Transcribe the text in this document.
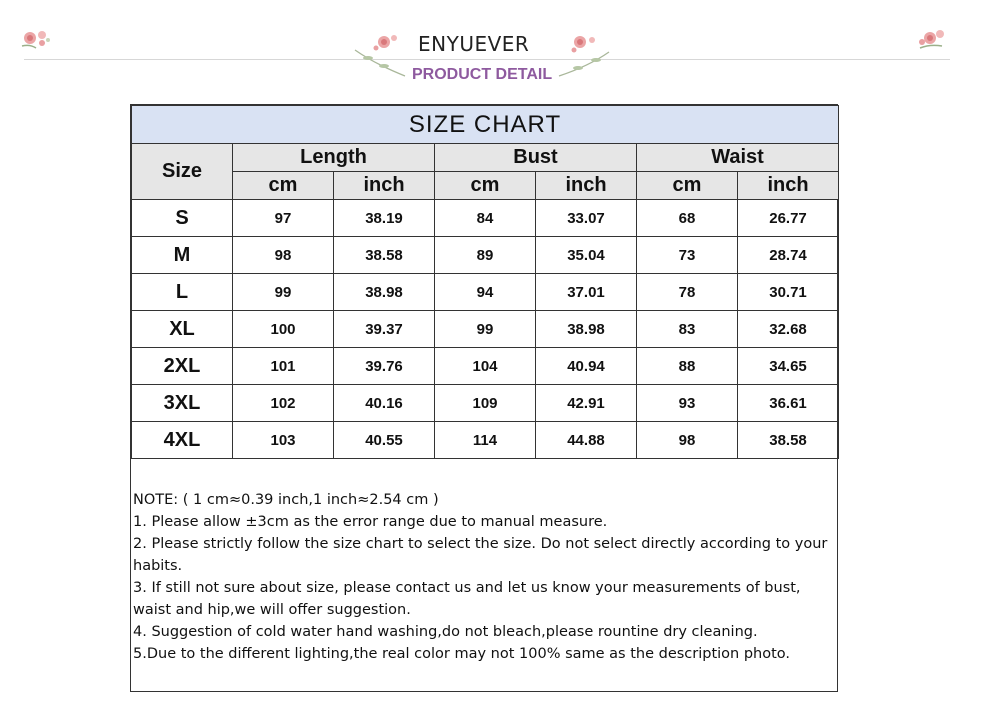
ENYUEVER
PRODUCT DETAIL
SIZE CHART						
Size	Length		Bust		Waist	
	cm	inch	cm	inch	cm	inch
S	97	38.19	84	33.07	68	26.77
M	98	38.58	89	35.04	73	28.74
L	99	38.98	94	37.01	78	30.71
XL	100	39.37	99	38.98	83	32.68
2XL	101	39.76	104	40.94	88	34.65
3XL	102	40.16	109	42.91	93	36.61
4XL	103	40.55	114	44.88	98	38.58
NOTE: ( 1 cm≈0.39 inch,1 inch≈2.54 cm )
1. Please allow ±3cm as the error range due to manual measure.
2. Please strictly follow the size chart to select the size. Do not select directly according to your habits.
3. If still not sure about size, please contact us and let us know your measurements of bust, waist and hip,we will offer suggestion.
4. Suggestion of cold water hand washing,do not bleach,please rountine dry cleaning.
5.Due to the different lighting,the real color may not 100% same as the description photo.
